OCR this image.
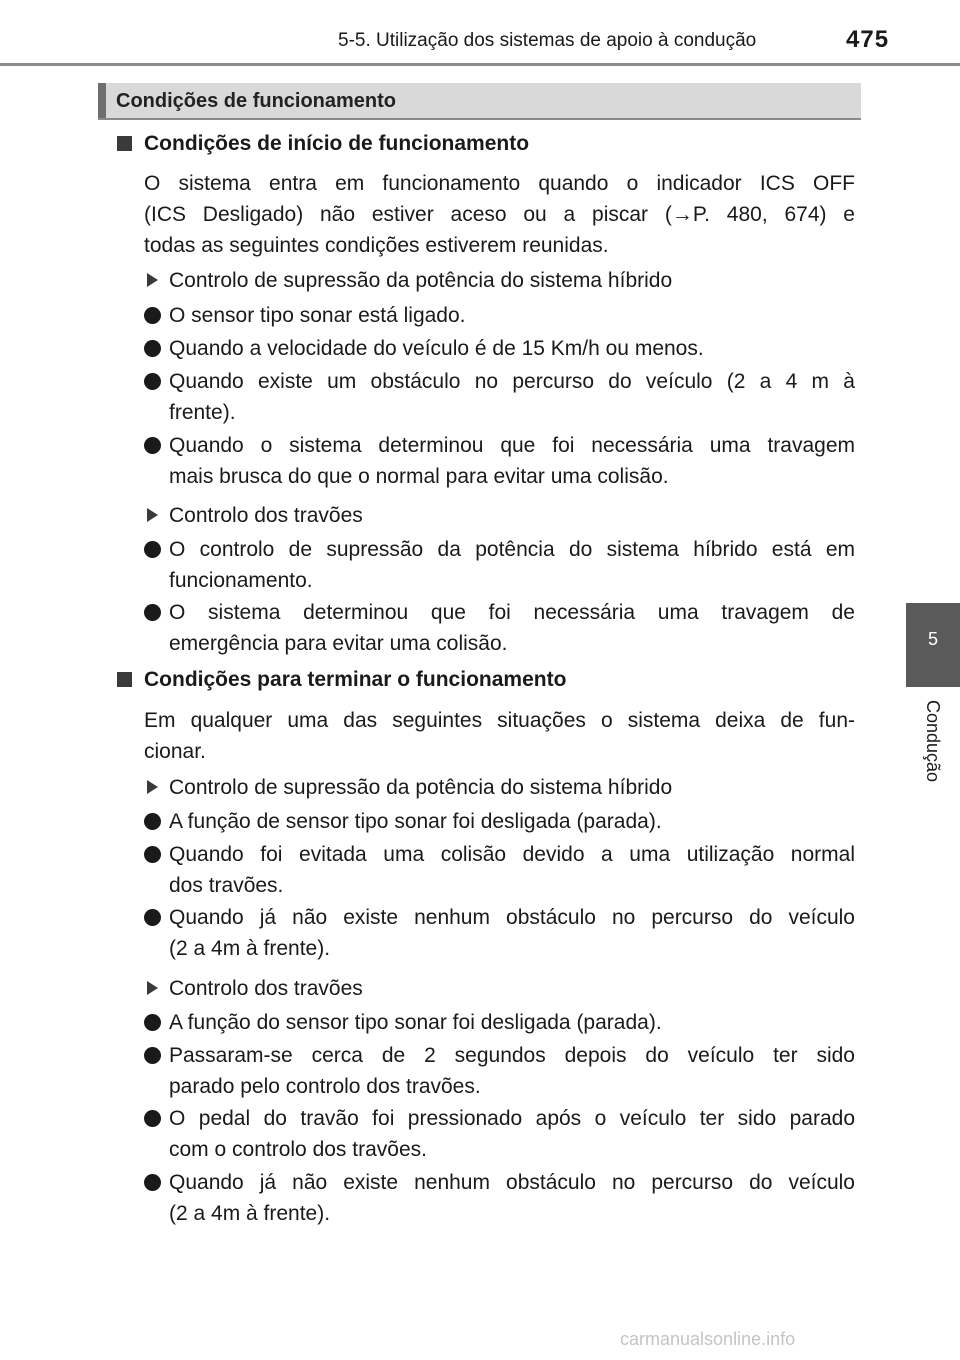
5-5. Utilização dos sistemas de apoio à condução	475
5
Condução
Condições de funcionamento
Condições de início de funcionamento
O sistema entra em funcionamento quando o indicador ICS OFF
(ICS Desligado) não estiver aceso ou a piscar (→P. 480, 674) e
todas as seguintes condições estiverem reunidas.
Controlo de supressão da potência do sistema híbrido
O sensor tipo sonar está ligado.
Quando a velocidade do veículo é de 15 Km/h ou menos.
Quando existe um obstáculo no percurso do veículo (2 a 4 m à
frente).
Quando o sistema determinou que foi necessária uma travagem
mais brusca do que o normal para evitar uma colisão.
Controlo dos travões
O controlo de supressão da potência do sistema híbrido está em
funcionamento.
O sistema determinou que foi necessária uma travagem de
emergência para evitar uma colisão.
Condições para terminar o funcionamento
Em qualquer uma das seguintes situações o sistema deixa de fun-
cionar.
Controlo de supressão da potência do sistema híbrido
A função de sensor tipo sonar foi desligada (parada).
Quando foi evitada uma colisão devido a uma utilização normal
dos travões.
Quando já não existe nenhum obstáculo no percurso do veículo
(2 a 4m à frente).
Controlo dos travões
A função do sensor tipo sonar foi desligada (parada).
Passaram-se cerca de 2 segundos depois do veículo ter sido
parado pelo controlo dos travões.
O pedal do travão foi pressionado após o veículo ter sido parado
com o controlo dos travões.
Quando já não existe nenhum obstáculo no percurso do veículo
(2 a 4m à frente).
carmanualsonline.info
